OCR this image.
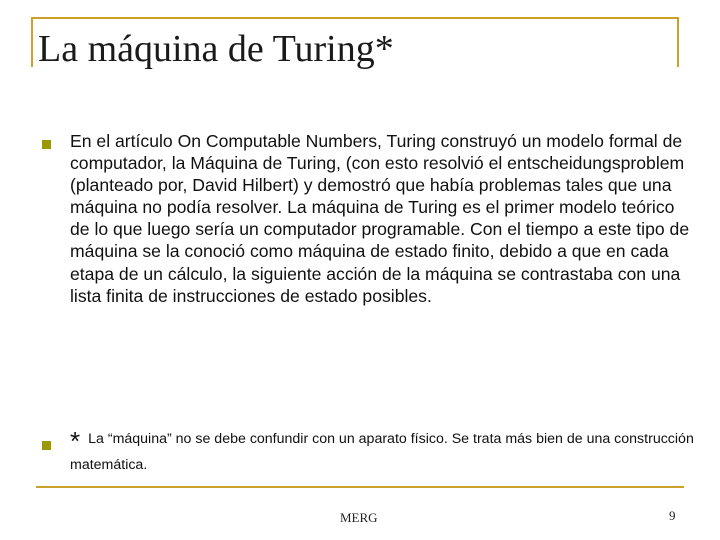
La máquina de Turing*

En el artículo On Computable Numbers, Turing construyó un modelo formal de computador, la Máquina de Turing, (con esto resolvió el entscheidungsproblem (planteado por, David Hilbert) y demostró que había problemas tales que una máquina no podía resolver. La máquina de Turing es el primer modelo teórico de lo que luego sería un computador programable. Con el tiempo a este tipo de máquina se la conoció como máquina de estado finito, debido a que en cada etapa de un cálculo, la siguiente acción de la máquina se contrastaba con una lista finita de instrucciones de estado posibles.

* La “máquina” no se debe confundir con un aparato físico. Se trata más bien de una construcción matemática.

MERG	9
